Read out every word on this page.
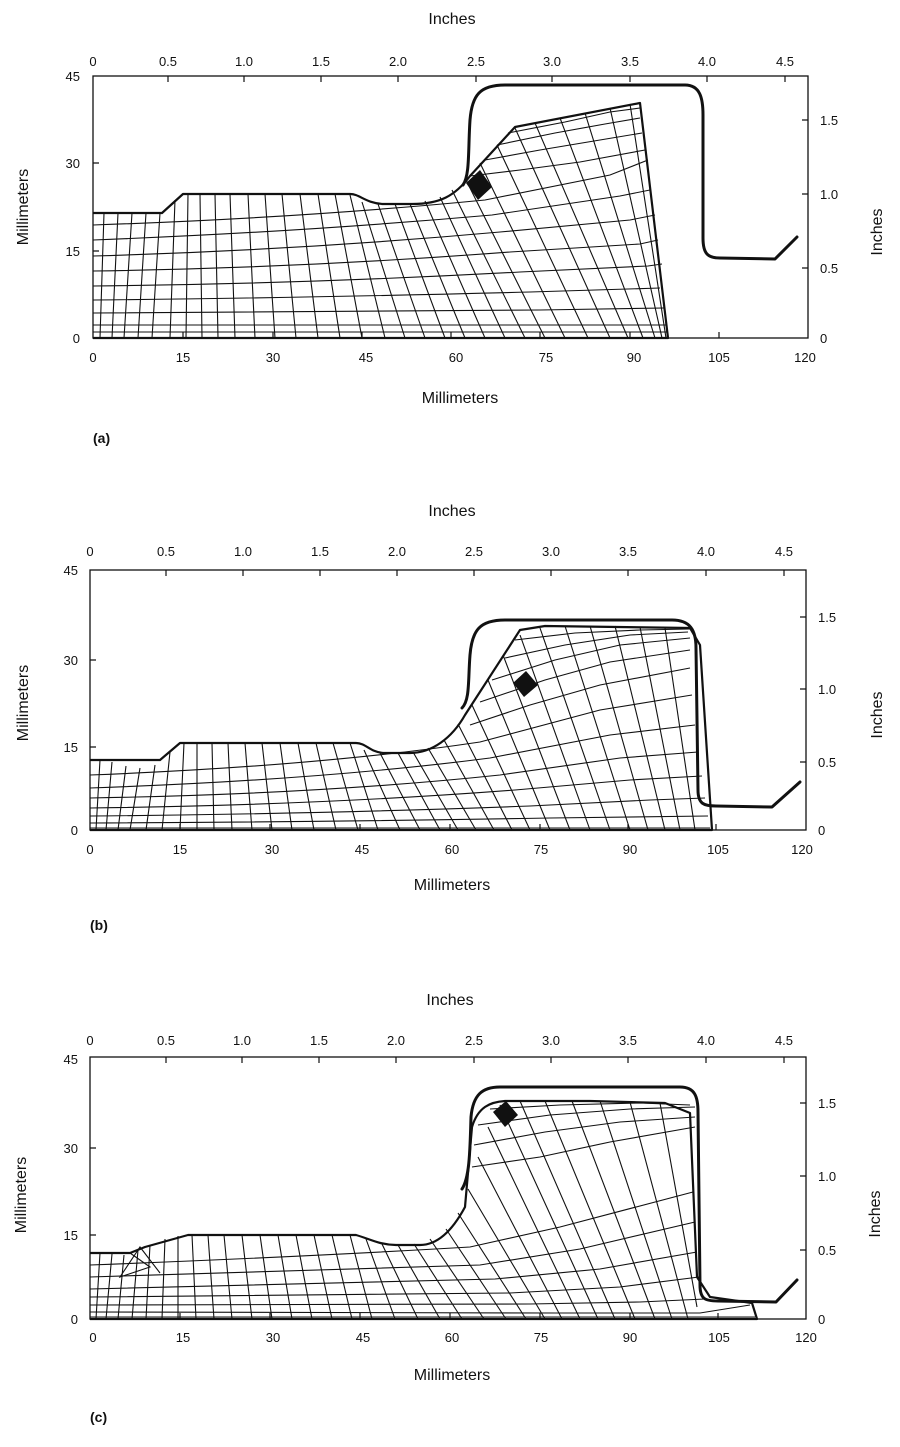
Inches
0	0.5	1.0	1.5	2.0	2.5	3.0	3.5	4.0	4.5
0
15
30
45
Millimeters
0
0.5
1.0
1.5
Inches
0	15	30	45	60	75	90	105	120
Millimeters
(a)
Inches
0	0.5	1.0	1.5	2.0	2.5	3.0	3.5	4.0	4.5
0
15
30
45
Millimeters
0
0.5
1.0
1.5
Inches
0	15	30	45	60	75	90	105	120
Millimeters
(b)
Inches
0	0.5	1.0	1.5	2.0	2.5	3.0	3.5	4.0	4.5
0
15
30
45
Millimeters
0
0.5
1.0
1.5
Inches
0	15	30	45	60	75	90	105	120
Millimeters
(c)
